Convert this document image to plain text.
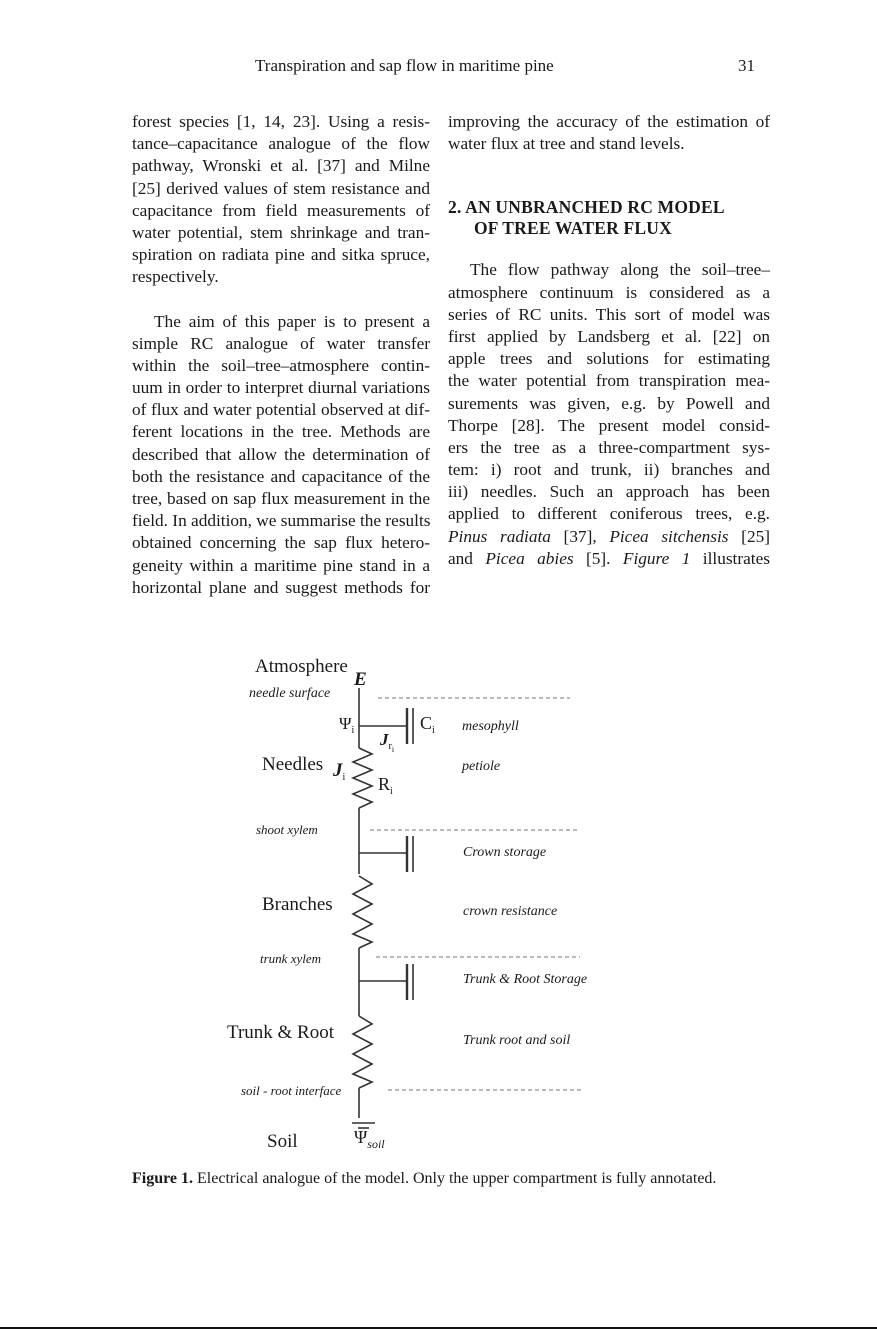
Transpiration and sap flow in maritime pine	31
forest species [1, 14, 23]. Using a resis-
tance–capacitance analogue of the flow
pathway, Wronski et al. [37] and Milne
[25] derived values of stem resistance and
capacitance from field measurements of
water potential, stem shrinkage and tran-
spiration on radiata pine and sitka spruce,
respectively.
The aim of this paper is to present a
simple RC analogue of water transfer
within the soil–tree–atmosphere contin-
uum in order to interpret diurnal variations
of flux and water potential observed at dif-
ferent locations in the tree. Methods are
described that allow the determination of
both the resistance and capacitance of the
tree, based on sap flux measurement in the
field. In addition, we summarise the results
obtained concerning the sap flux hetero-
geneity within a maritime pine stand in a
horizontal plane and suggest methods for
improving the accuracy of the estimation of
water flux at tree and stand levels.
2. AN UNBRANCHED RC MODEL
OF TREE WATER FLUX
The flow pathway along the soil–tree–
atmosphere continuum is considered as a
series of RC units. This sort of model was
first applied by Landsberg et al. [22] on
apple trees and solutions for estimating
the water potential from transpiration mea-
surements was given, e.g. by Powell and
Thorpe [28]. The present model consid-
ers the tree as a three-compartment sys-
tem: i) root and trunk, ii) branches and
iii) needles. Such an approach has been
applied to different coniferous trees, e.g.
Pinus radiata [37], Picea sitchensis [25]
and Picea abies [5]. Figure 1 illustrates
Atmosphere
E
needle surface
$\Psi_i$ $J_{ri}$
$C_i$ mesophyll
Needles $J_i$
petiole
$R_i$
shoot xylem
Crown storage
Branches	crown resistance
trunk xylem
Trunk & Root Storage
Trunk & Root	Trunk root and soil
soil - root interface
Soil	$\Psi_{soil}$
Figure 1. Electrical analogue of the model. Only the upper compartment is fully annotated.
